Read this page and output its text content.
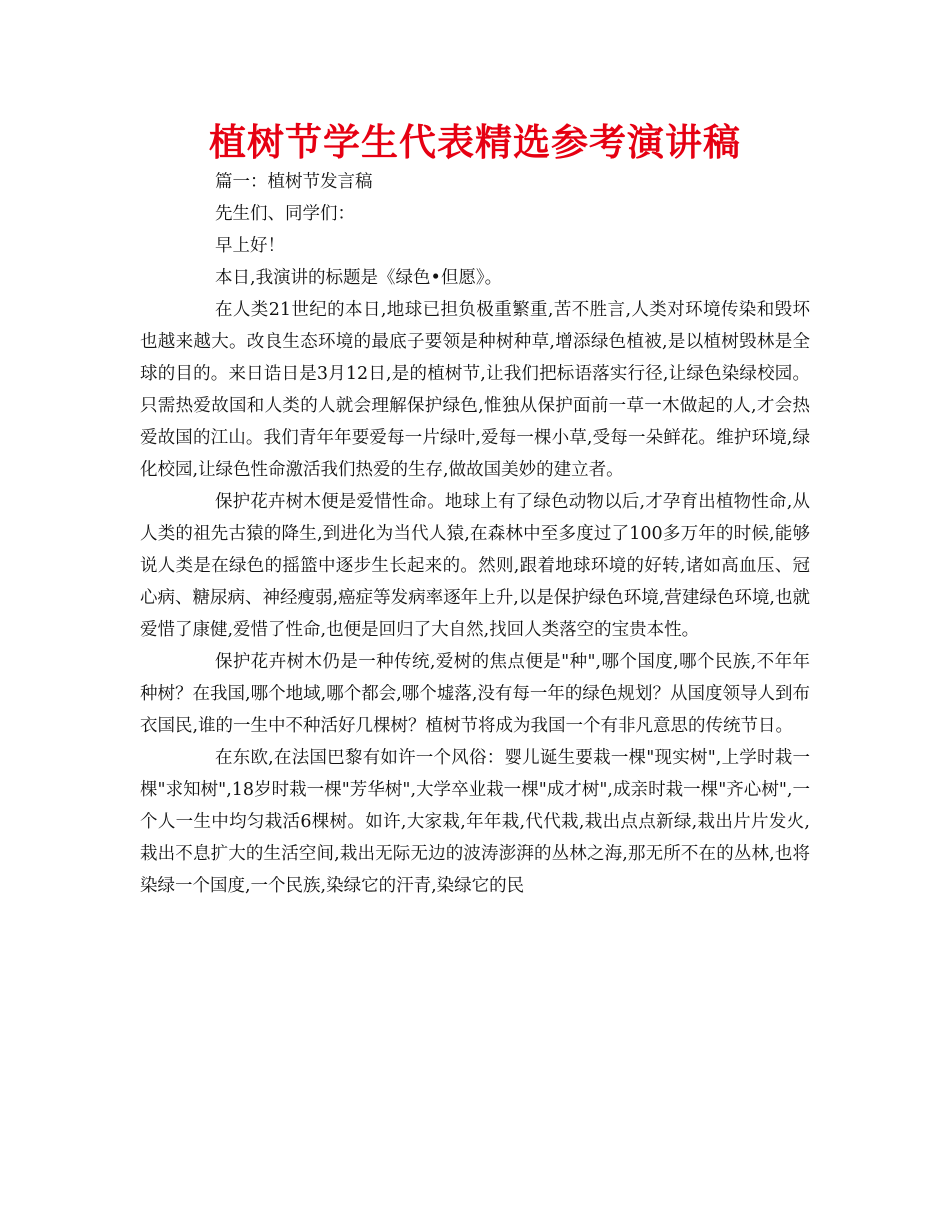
植树节学生代表精选参考演讲稿

篇一：植树节发言稿

先生们、同学们：

早上好！

本日,我演讲的标题是《绿色•但愿》。

在人类21世纪的本日,地球已担负极重繁重,苦不胜言,人类对环境传染和毁坏也越来越大。改良生态环境的最底子要领是种树种草,增添绿色植被,是以植树毁林是全球的目的。来日诰日是3月12日,是的植树节,让我们把标语落实行径,让绿色染绿校园。只需热爱故国和人类的人就会理解保护绿色,惟独从保护面前一草一木做起的人,才会热爱故国的江山。我们青年年要爱每一片绿叶,爱每一棵小草,受每一朵鲜花。维护环境,绿化校园,让绿色性命激活我们热爱的生存,做故国美妙的建立者。

保护花卉树木便是爱惜性命。地球上有了绿色动物以后,才孕育出植物性命,从人类的祖先古猿的降生,到进化为当代人猿,在森林中至多度过了100多万年的时候,能够说人类是在绿色的摇篮中逐步生长起来的。然则,跟着地球环境的好转,诸如高血压、冠心病、糖尿病、神经瘦弱,癌症等发病率逐年上升,以是保护绿色环境,营建绿色环境,也就爱惜了康健,爱惜了性命,也便是回归了大自然,找回人类落空的宝贵本性。

保护花卉树木仍是一种传统,爱树的焦点便是"种",哪个国度,哪个民族,不年年种树？在我国,哪个地域,哪个都会,哪个墟落,没有每一年的绿色规划？从国度领导人到布衣国民,谁的一生中不种活好几棵树？植树节将成为我国一个有非凡意思的传统节日。

在东欧,在法国巴黎有如许一个风俗：婴儿诞生要栽一棵"现实树",上学时栽一棵"求知树",18岁时栽一棵"芳华树",大学卒业栽一棵"成才树",成亲时栽一棵"齐心树",一个人一生中均匀栽活6棵树。如许,大家栽,年年栽,代代栽,栽出点点新绿,栽出片片发火,栽出不息扩大的生活空间,栽出无际无边的波涛澎湃的丛林之海,那无所不在的丛林,也将染绿一个国度,一个民族,染绿它的汗青,染绿它的民
